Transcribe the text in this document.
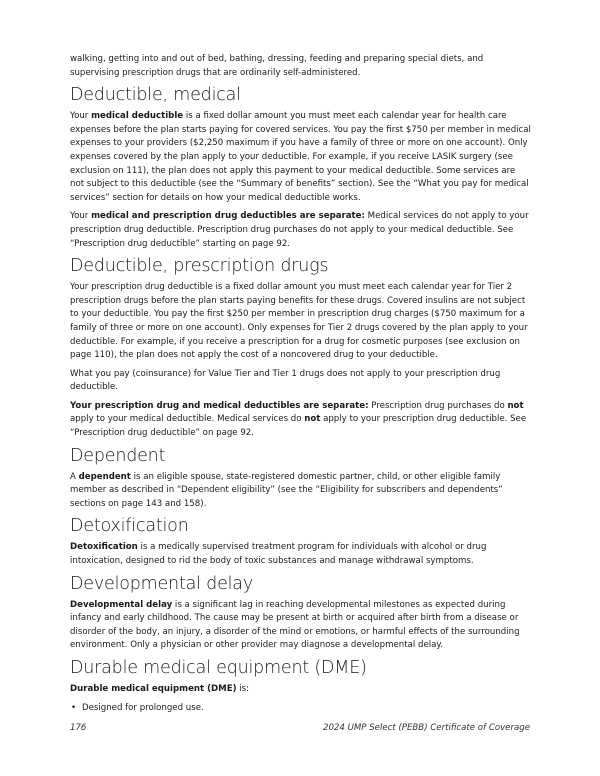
walking, getting into and out of bed, bathing, dressing, feeding and preparing special diets, and supervising prescription drugs that are ordinarily self-administered.

Deductible, medical

Your medical deductible is a fixed dollar amount you must meet each calendar year for health care expenses before the plan starts paying for covered services. You pay the first $750 per member in medical expenses to your providers ($2,250 maximum if you have a family of three or more on one account). Only expenses covered by the plan apply to your deductible. For example, if you receive LASIK surgery (see exclusion on 111), the plan does not apply this payment to your medical deductible. Some services are not subject to this deductible (see the “Summary of benefits” section). See the “What you pay for medical services” section for details on how your medical deductible works.

Your medical and prescription drug deductibles are separate: Medical services do not apply to your prescription drug deductible. Prescription drug purchases do not apply to your medical deductible. See “Prescription drug deductible” starting on page 92.

Deductible, prescription drugs

Your prescription drug deductible is a fixed dollar amount you must meet each calendar year for Tier 2 prescription drugs before the plan starts paying benefits for these drugs. Covered insulins are not subject to your deductible. You pay the first $250 per member in prescription drug charges ($750 maximum for a family of three or more on one account). Only expenses for Tier 2 drugs covered by the plan apply to your deductible. For example, if you receive a prescription for a drug for cosmetic purposes (see exclusion on page 110), the plan does not apply the cost of a noncovered drug to your deductible.

What you pay (coinsurance) for Value Tier and Tier 1 drugs does not apply to your prescription drug deductible.

Your prescription drug and medical deductibles are separate: Prescription drug purchases do not apply to your medical deductible. Medical services do not apply to your prescription drug deductible. See “Prescription drug deductible” on page 92.

Dependent

A dependent is an eligible spouse, state-registered domestic partner, child, or other eligible family member as described in “Dependent eligibility” (see the “Eligibility for subscribers and dependents” sections on page 143 and 158).

Detoxification

Detoxification is a medically supervised treatment program for individuals with alcohol or drug intoxication, designed to rid the body of toxic substances and manage withdrawal symptoms.

Developmental delay

Developmental delay is a significant lag in reaching developmental milestones as expected during infancy and early childhood. The cause may be present at birth or acquired after birth from a disease or disorder of the body, an injury, a disorder of the mind or emotions, or harmful effects of the surrounding environment. Only a physician or other provider may diagnose a developmental delay.

Durable medical equipment (DME)

Durable medical equipment (DME) is:

• Designed for prolonged use.
176	2024 UMP Select (PEBB) Certificate of Coverage
